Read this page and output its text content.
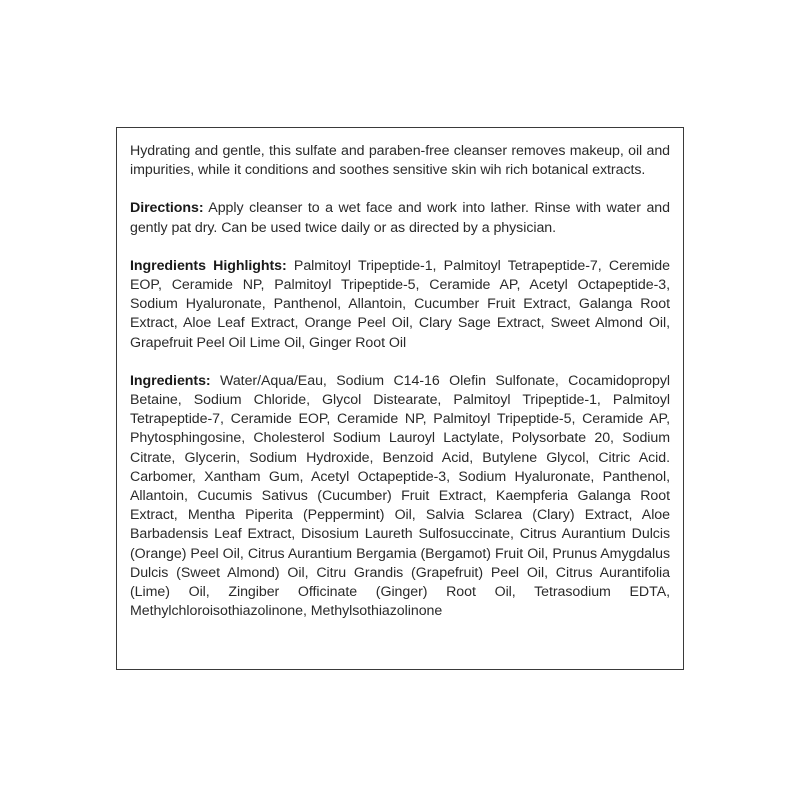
Hydrating and gentle, this sulfate and paraben-free cleanser removes makeup, oil and impurities, while it conditions and soothes sensitive skin wih rich botanical extracts.

Directions: Apply cleanser to a wet face and work into lather. Rinse with water and gently pat dry. Can be used twice daily or as directed by a physician.

Ingredients Highlights: Palmitoyl Tripeptide-1, Palmitoyl Tetrapeptide-7, Ceremide EOP, Ceramide NP, Palmitoyl Tripeptide-5, Ceramide AP, Acetyl Octapeptide-3, Sodium Hyaluronate, Panthenol, Allantoin, Cucumber Fruit Extract, Galanga Root Extract, Aloe Leaf Extract, Orange Peel Oil, Clary Sage Extract, Sweet Almond Oil, Grapefruit Peel Oil Lime Oil, Ginger Root Oil

Ingredients: Water/Aqua/Eau, Sodium C14-16 Olefin Sulfonate, Cocamidopropyl Betaine, Sodium Chloride, Glycol Distearate, Palmitoyl Tripeptide-1, Palmitoyl Tetrapeptide-7, Ceramide EOP, Ceramide NP, Palmitoyl Tripeptide-5, Ceramide AP, Phytosphingosine, Cholesterol Sodium Lauroyl Lactylate, Polysorbate 20, Sodium Citrate, Glycerin, Sodium Hydroxide, Benzoid Acid, Butylene Glycol, Citric Acid. Carbomer, Xantham Gum, Acetyl Octapeptide-3, Sodium Hyaluronate, Panthenol, Allantoin, Cucumis Sativus (Cucumber) Fruit Extract, Kaempferia Galanga Root Extract, Mentha Piperita (Peppermint) Oil, Salvia Sclarea (Clary) Extract, Aloe Barbadensis Leaf Extract, Disosium Laureth Sulfosuccinate, Citrus Aurantium Dulcis (Orange) Peel Oil, Citrus Aurantium Bergamia (Bergamot) Fruit Oil, Prunus Amygdalus Dulcis (Sweet Almond) Oil, Citru Grandis (Grapefruit) Peel Oil, Citrus Aurantifolia (Lime) Oil, Zingiber Officinate (Ginger) Root Oil, Tetrasodium EDTA, Methylchloroisothiazolinone, Methylsothiazolinone
